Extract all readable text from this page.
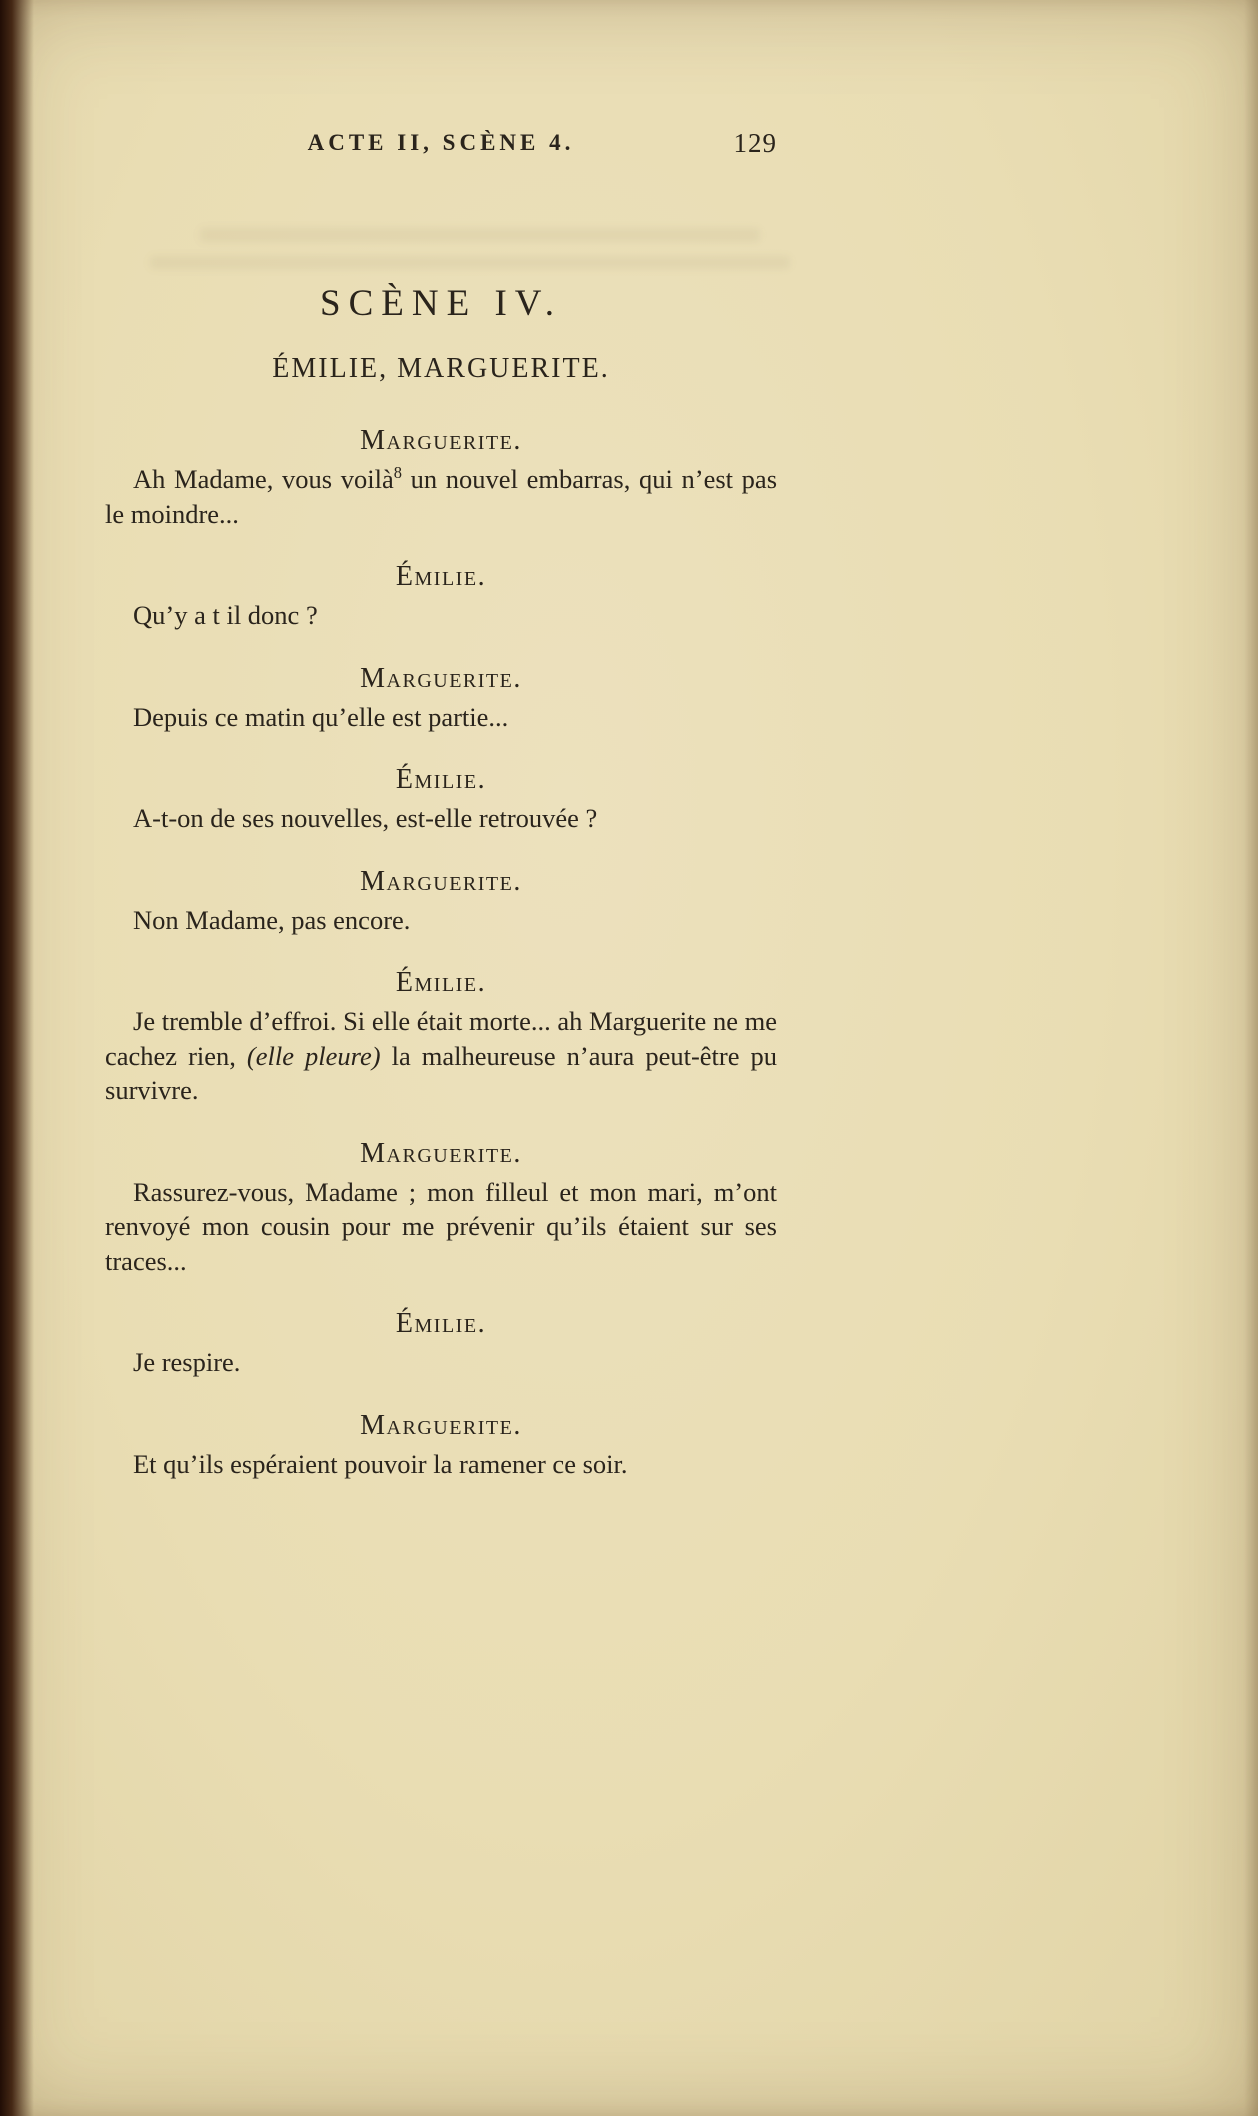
ACTE II, SCÈNE 4.	129
SCÈNE IV.
ÉMILIE, MARGUERITE.
Marguerite.

Ah Madame, vous voilà$^8$ un nouvel embarras, qui n’est pas le moindre...

Émilie.

Qu’y a t il donc ?

Marguerite.

Depuis ce matin qu’elle est partie...

Émilie.

A-t-on de ses nouvelles, est-elle retrouvée ?

Marguerite.

Non Madame, pas encore.

Émilie.

Je tremble d’effroi. Si elle était morte... ah Marguerite ne me cachez rien, (elle pleure) la malheureuse n’aura peut-être pu survivre.

Marguerite.

Rassurez-vous, Madame ; mon filleul et mon mari, m’ont renvoyé mon cousin pour me prévenir qu’ils étaient sur ses traces...

Émilie.

Je respire.

Marguerite.

Et qu’ils espéraient pouvoir la ramener ce soir.
